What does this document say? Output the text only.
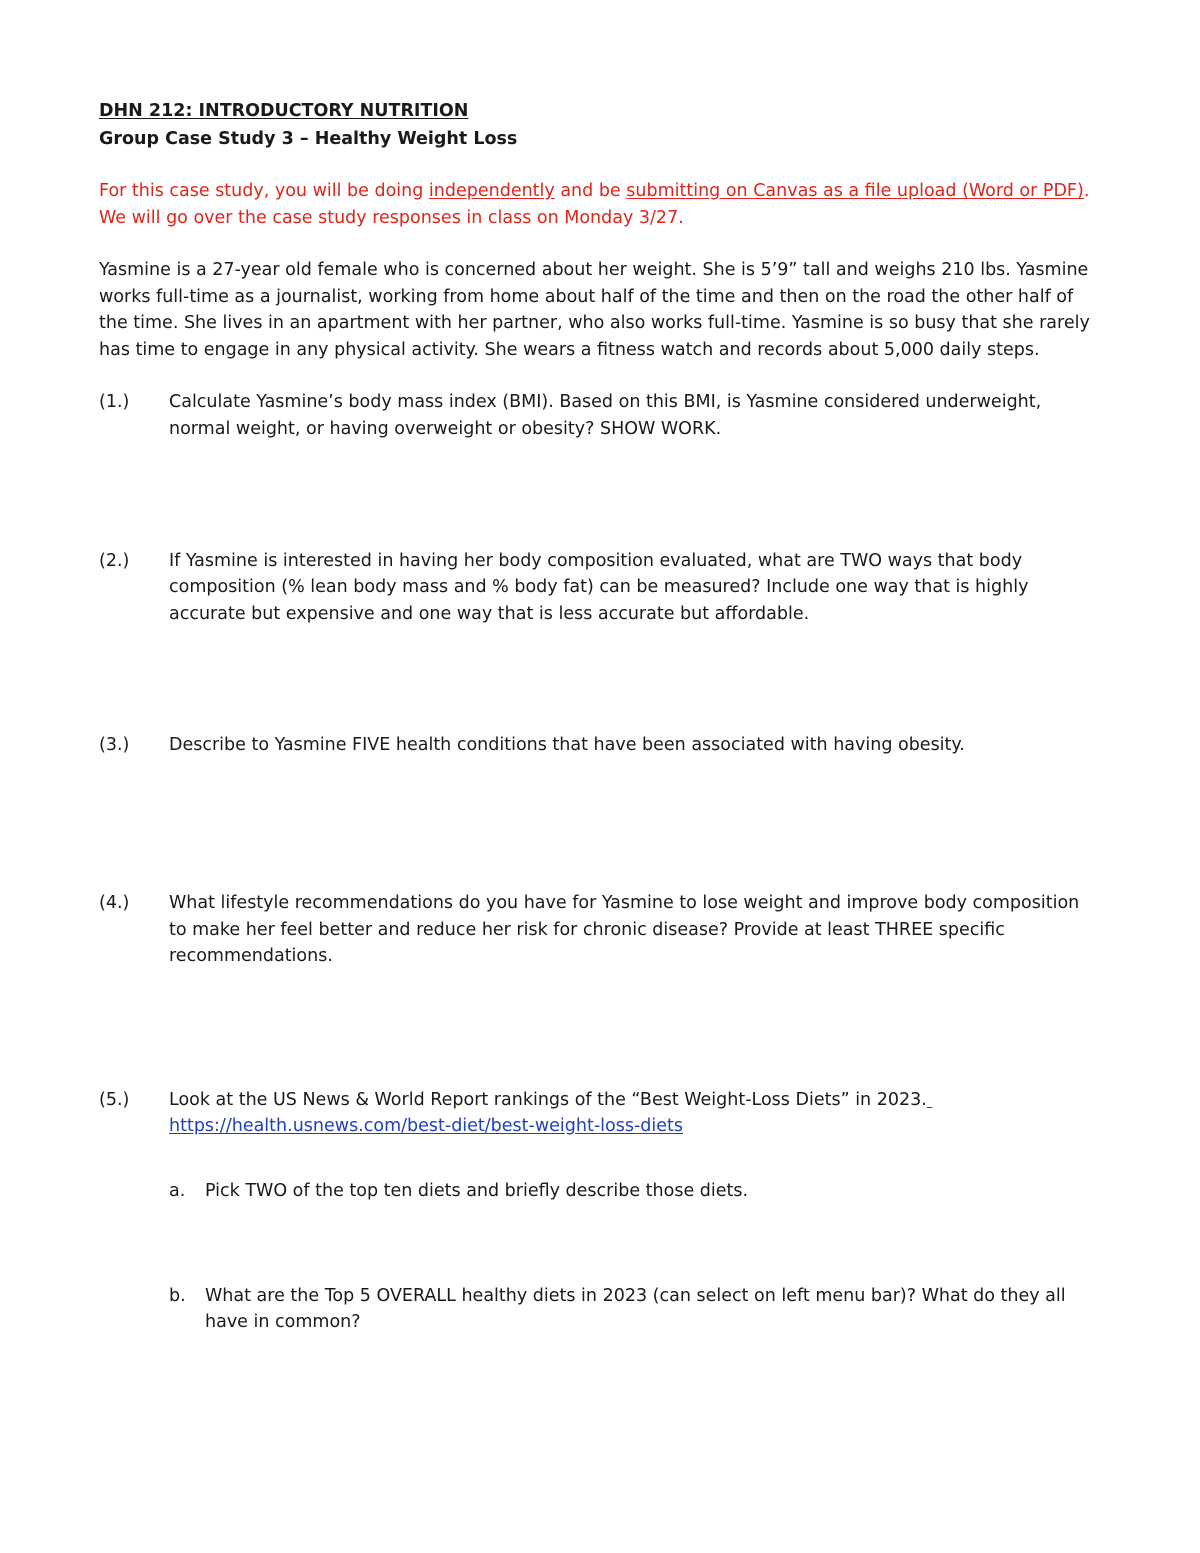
DHN 212: INTRODUCTORY NUTRITION
Group Case Study 3 – Healthy Weight Loss
For this case study, you will be doing independently and be submitting on Canvas as a file upload (Word or PDF).
We will go over the case study responses in class on Monday 3/27.
Yasmine is a 27-year old female who is concerned about her weight. She is 5’9” tall and weighs 210 lbs. Yasmine
works full-time as a journalist, working from home about half of the time and then on the road the other half of
the time. She lives in an apartment with her partner, who also works full-time. Yasmine is so busy that she rarely
has time to engage in any physical activity. She wears a fitness watch and records about 5,000 daily steps.
(1.) Calculate Yasmine’s body mass index (BMI). Based on this BMI, is Yasmine considered underweight,
normal weight, or having overweight or obesity? SHOW WORK.
(2.) If Yasmine is interested in having her body composition evaluated, what are TWO ways that body
composition (% lean body mass and % body fat) can be measured? Include one way that is highly
accurate but expensive and one way that is less accurate but affordable.
(3.) Describe to Yasmine FIVE health conditions that have been associated with having obesity.
(4.) What lifestyle recommendations do you have for Yasmine to lose weight and improve body composition
to make her feel better and reduce her risk for chronic disease? Provide at least THREE specific
recommendations.
(5.) Look at the US News & World Report rankings of the “Best Weight-Loss Diets” in 2023.
https://health.usnews.com/best-diet/best-weight-loss-diets
a. Pick TWO of the top ten diets and briefly describe those diets.
b. What are the Top 5 OVERALL healthy diets in 2023 (can select on left menu bar)? What do they all
have in common?
